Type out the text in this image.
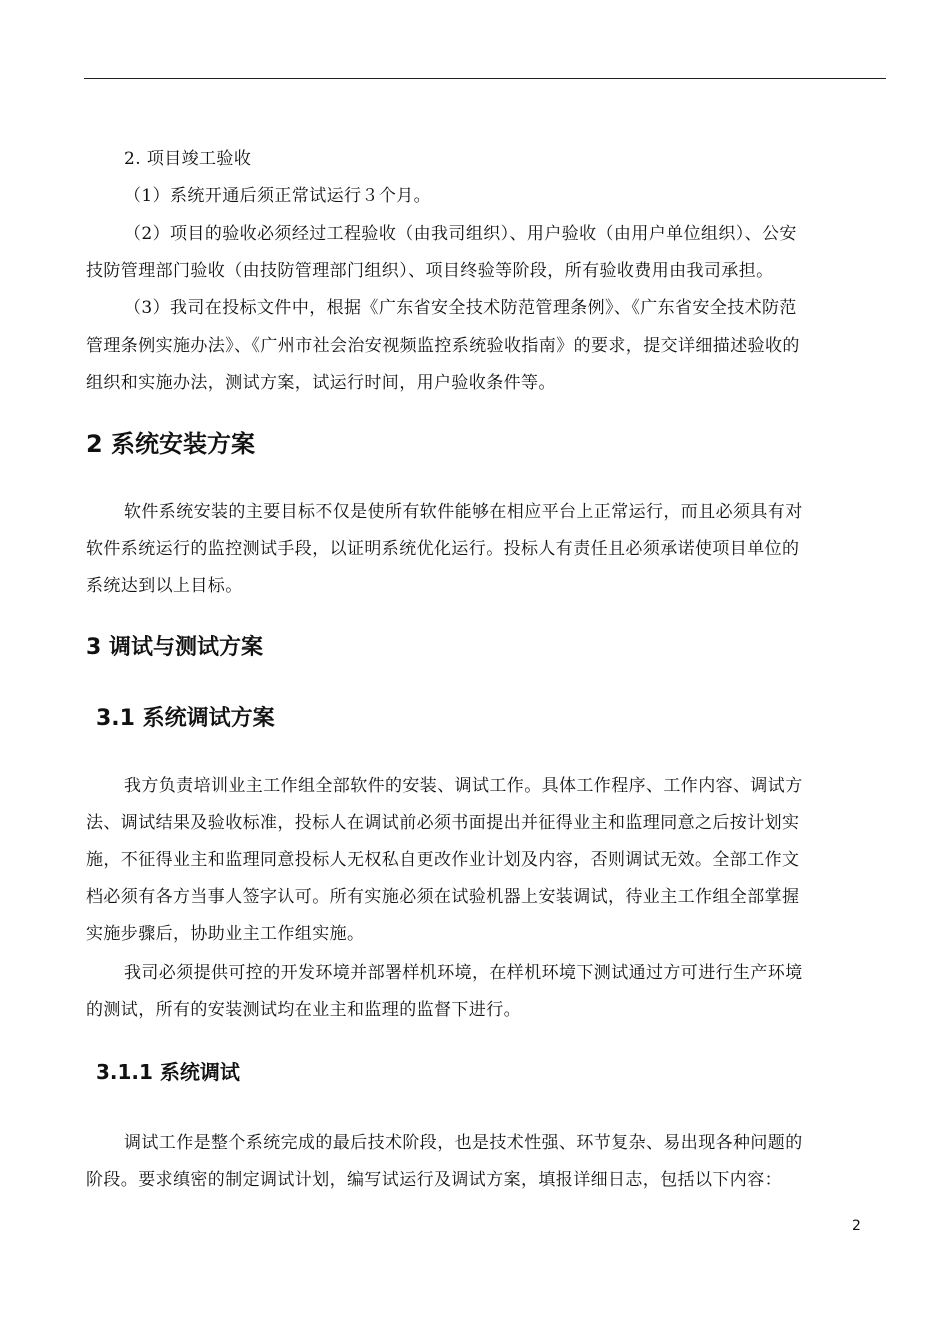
2. 项目竣工验收
（1）系统开通后须正常试运行３个月。
（2）项目的验收必须经过工程验收（由我司组织）、用户验收（由用户单位组织）、公安
技防管理部门验收（由技防管理部门组织）、项目终验等阶段，所有验收费用由我司承担。
（3）我司在投标文件中，根据《广东省安全技术防范管理条例》、《广东省安全技术防范
管理条例实施办法》、《广州市社会治安视频监控系统验收指南》的要求，提交详细描述验收的
组织和实施办法，测试方案，试运行时间，用户验收条件等。
2 系统安装方案
软件系统安装的主要目标不仅是使所有软件能够在相应平台上正常运行，而且必须具有对
软件系统运行的监控测试手段，以证明系统优化运行。投标人有责任且必须承诺使项目单位的
系统达到以上目标。
3 调试与测试方案
3.1 系统调试方案
我方负责培训业主工作组全部软件的安装、调试工作。具体工作程序、工作内容、调试方
法、调试结果及验收标准，投标人在调试前必须书面提出并征得业主和监理同意之后按计划实
施，不征得业主和监理同意投标人无权私自更改作业计划及内容，否则调试无效。全部工作文
档必须有各方当事人签字认可。所有实施必须在试验机器上安装调试，待业主工作组全部掌握
实施步骤后，协助业主工作组实施。
我司必须提供可控的开发环境并部署样机环境，在样机环境下测试通过方可进行生产环境
的测试，所有的安装测试均在业主和监理的监督下进行。
3.1.1 系统调试
调试工作是整个系统完成的最后技术阶段，也是技术性强、环节复杂、易出现各种问题的
阶段。要求缜密的制定调试计划，编写试运行及调试方案，填报详细日志，包括以下内容：
2
